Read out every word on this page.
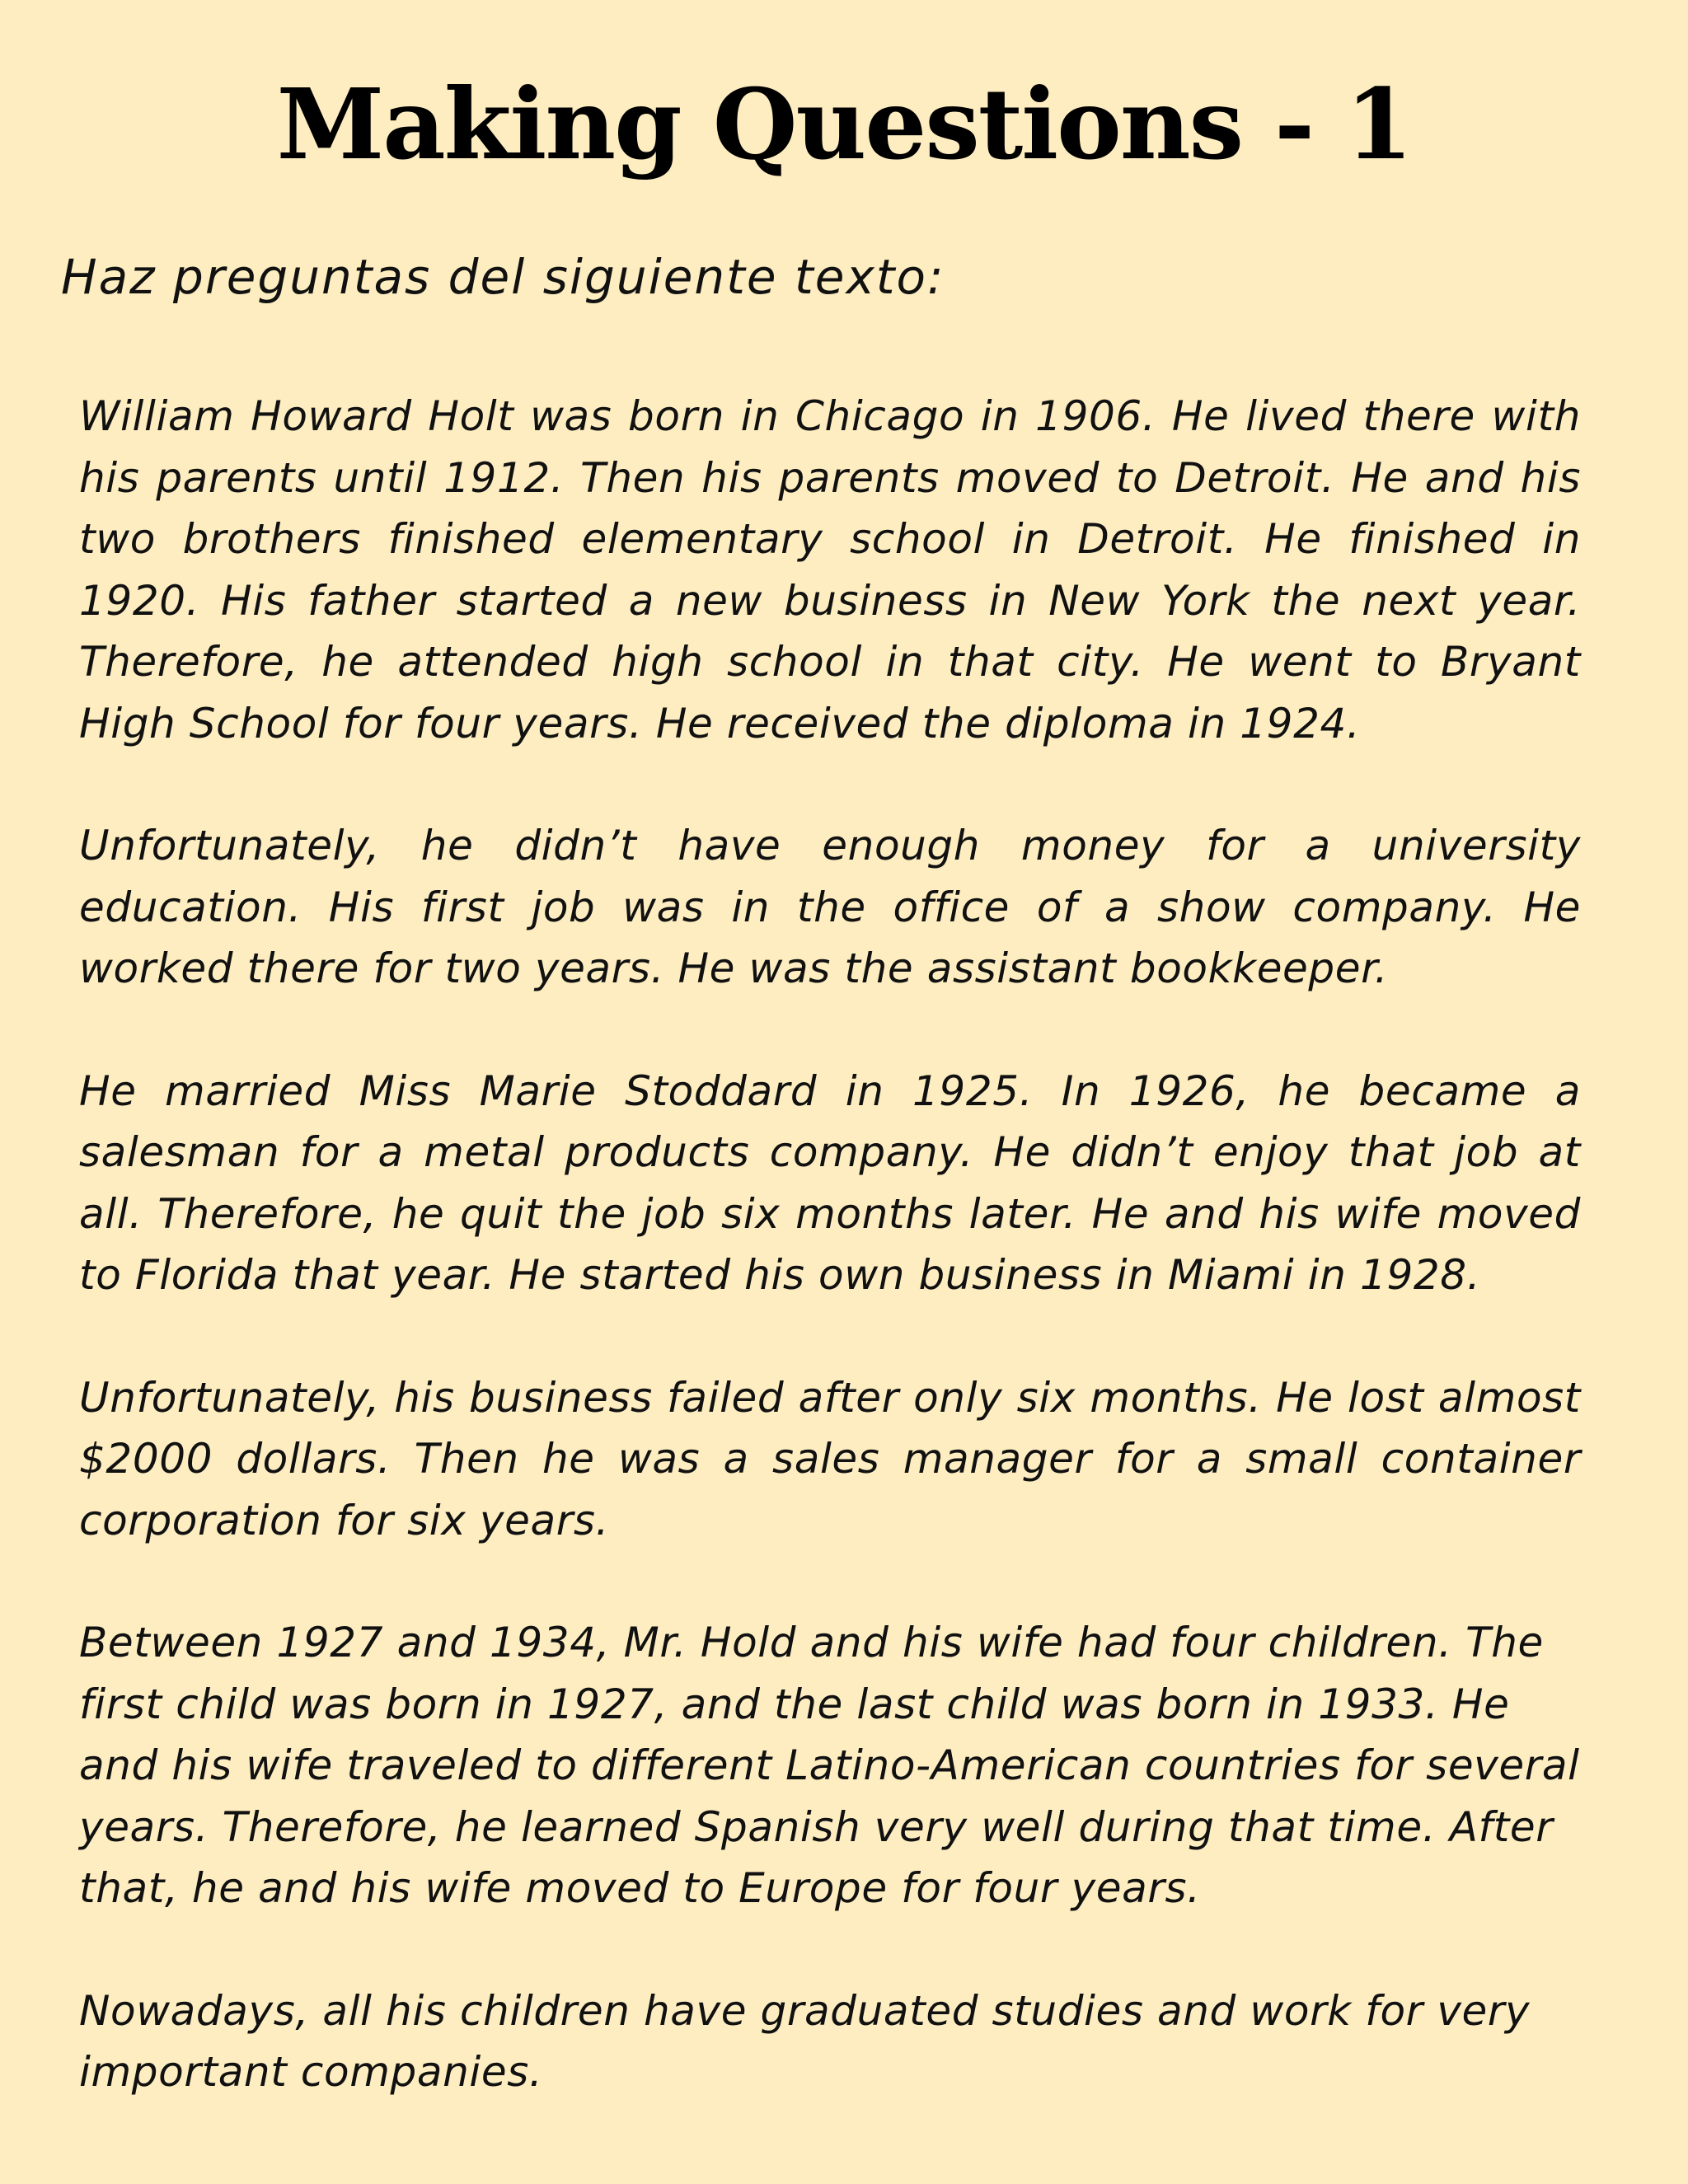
Making Questions - 1

Haz preguntas del siguiente texto:

William Howard Holt was born in Chicago in 1906. He lived there with his parents until 1912. Then his parents moved to Detroit. He and his two brothers finished elementary school in Detroit. He finished in 1920. His father started a new business in New York the next year. Therefore, he attended high school in that city. He went to Bryant High School for four years. He received the diploma in 1924.

Unfortunately, he didn’t have enough money for a university education. His first job was in the office of a show company. He worked there for two years. He was the assistant bookkeeper.

He married Miss Marie Stoddard in 1925. In 1926, he became a salesman for a metal products company. He didn’t enjoy that job at all. Therefore, he quit the job six months later. He and his wife moved to Florida that year. He started his own business in Miami in 1928.

Unfortunately, his business failed after only six months. He lost almost $2000 dollars. Then he was a sales manager for a small container corporation for six years.

Between 1927 and 1934, Mr. Hold and his wife had four children. The first child was born in 1927, and the last child was born in 1933. He and his wife traveled to different Latino-American countries for several years. Therefore, he learned Spanish very well during that time. After that, he and his wife moved to Europe for four years.

Nowadays, all his children have graduated studies and work for very important companies.
